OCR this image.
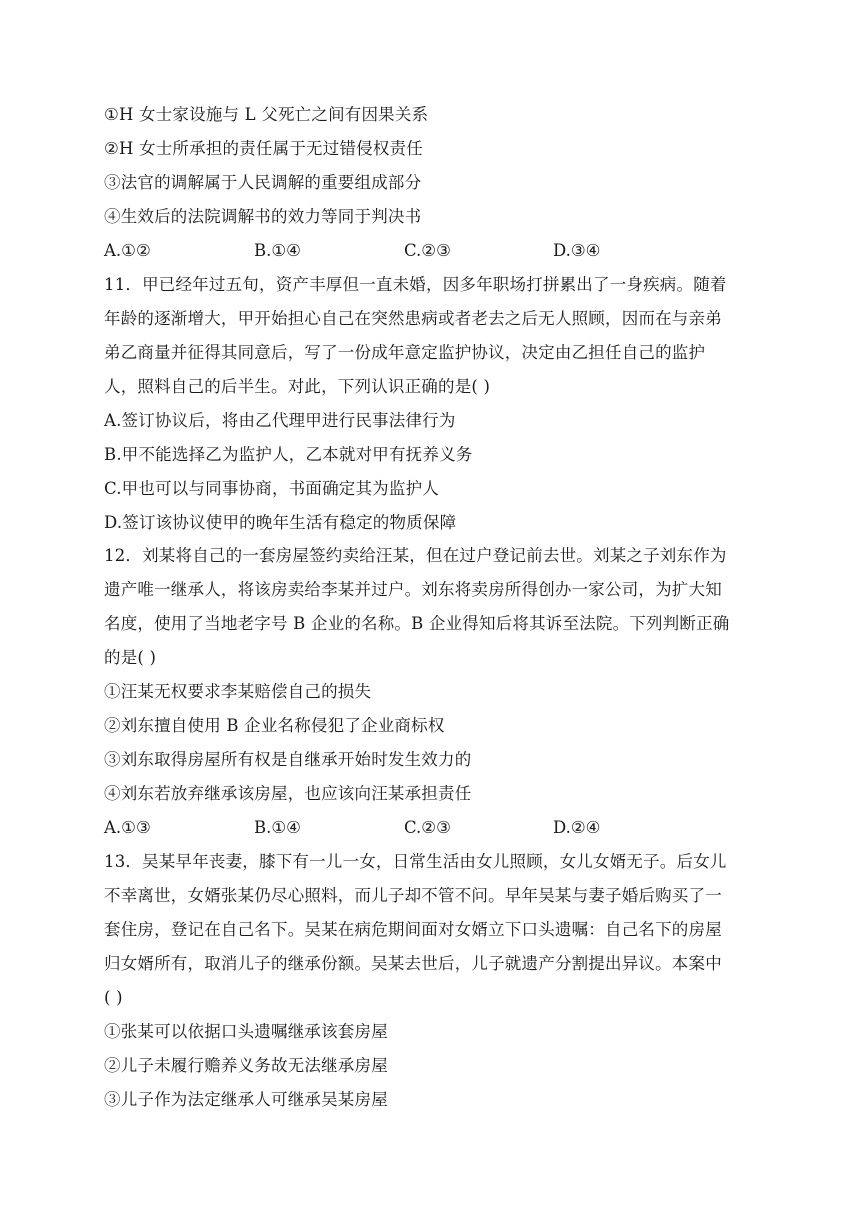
①H 女士家设施与 L 父死亡之间有因果关系
②H 女士所承担的责任属于无过错侵权责任
③法官的调解属于人民调解的重要组成部分
④生效后的法院调解书的效力等同于判决书
A.①②	B.①④	C.②③	D.③④
11．甲已经年过五旬，资产丰厚但一直未婚，因多年职场打拼累出了一身疾病。随着
年龄的逐渐增大，甲开始担心自己在突然患病或者老去之后无人照顾，因而在与亲弟
弟乙商量并征得其同意后，写了一份成年意定监护协议，决定由乙担任自己的监护
人，照料自己的后半生。对此，下列认识正确的是( )
A.签订协议后，将由乙代理甲进行民事法律行为
B.甲不能选择乙为监护人，乙本就对甲有抚养义务
C.甲也可以与同事协商，书面确定其为监护人
D.签订该协议使甲的晚年生活有稳定的物质保障
12．刘某将自己的一套房屋签约卖给汪某，但在过户登记前去世。刘某之子刘东作为
遗产唯一继承人，将该房卖给李某并过户。刘东将卖房所得创办一家公司，为扩大知
名度，使用了当地老字号 B 企业的名称。B 企业得知后将其诉至法院。下列判断正确
的是( )
①汪某无权要求李某赔偿自己的损失
②刘东擅自使用 B 企业名称侵犯了企业商标权
③刘东取得房屋所有权是自继承开始时发生效力的
④刘东若放弃继承该房屋，也应该向汪某承担责任
A.①③	B.①④	C.②③	D.②④
13．吴某早年丧妻，膝下有一儿一女，日常生活由女儿照顾，女儿女婿无子。后女儿
不幸离世，女婿张某仍尽心照料，而儿子却不管不问。早年吴某与妻子婚后购买了一
套住房，登记在自己名下。吴某在病危期间面对女婿立下口头遗嘱：自己名下的房屋
归女婿所有，取消儿子的继承份额。吴某去世后，儿子就遗产分割提出异议。本案中
( )
①张某可以依据口头遗嘱继承该套房屋
②儿子未履行赡养义务故无法继承房屋
③儿子作为法定继承人可继承吴某房屋
